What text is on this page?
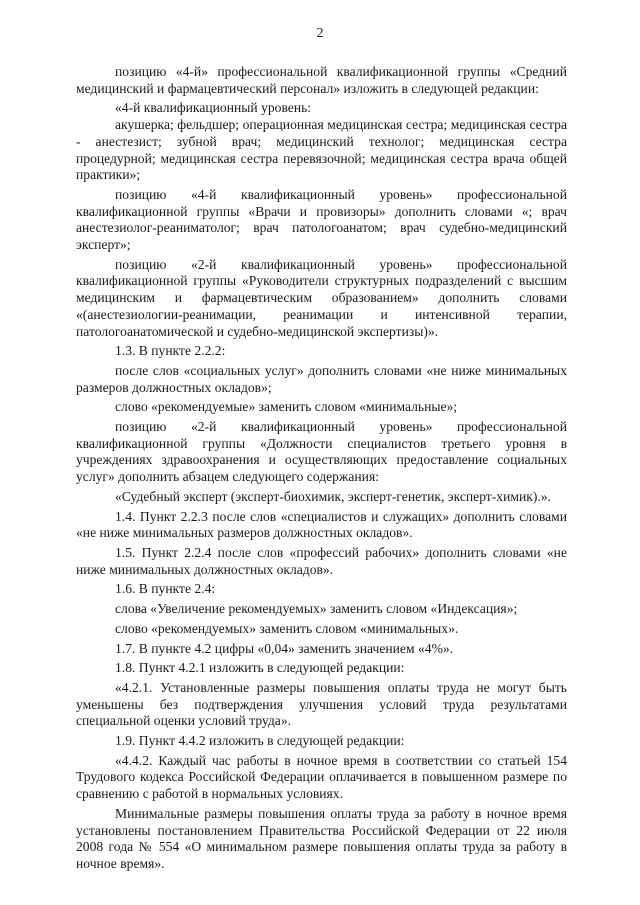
2

позицию «4-й» профессиональной квалификационной группы «Средний медицинский и фармацевтический персонал» изложить в следующей редакции:

«4-й квалификационный уровень:

акушерка; фельдшер; операционная медицинская сестра; медицинская сестра - анестезист; зубной врач; медицинский технолог; медицинская сестра процедурной; медицинская сестра перевязочной; медицинская сестра врача общей практики»;

позицию «4-й квалификационный уровень» профессиональной квалификационной группы «Врачи и провизоры» дополнить словами «; врач анестезиолог-реаниматолог; врач патологоанатом; врач судебно-медицинский эксперт»;

позицию «2-й квалификационный уровень» профессиональной квалификационной группы «Руководители структурных подразделений с высшим медицинским и фармацевтическим образованием» дополнить словами «(анестезиологии-реанимации, реанимации и интенсивной терапии, патологоанатомической и судебно-медицинской экспертизы)».

1.3. В пункте 2.2.2:

после слов «социальных услуг» дополнить словами «не ниже минимальных размеров должностных окладов»;

слово «рекомендуемые» заменить словом «минимальные»;

позицию «2-й квалификационный уровень» профессиональной квалификационной группы «Должности специалистов третьего уровня в учреждениях здравоохранения и осуществляющих предоставление социальных услуг» дополнить абзацем следующего содержания:

«Судебный эксперт (эксперт-биохимик, эксперт-генетик, эксперт-химик).».

1.4. Пункт 2.2.3 после слов «специалистов и служащих» дополнить словами «не ниже минимальных размеров должностных окладов».

1.5. Пункт 2.2.4 после слов «профессий рабочих» дополнить словами «не ниже минимальных должностных окладов».

1.6. В пункте 2.4:

слова «Увеличение рекомендуемых» заменить словом «Индексация»;

слово «рекомендуемых» заменить словом «минимальных».

1.7. В пункте 4.2 цифры «0,04» заменить значением «4%».

1.8. Пункт 4.2.1 изложить в следующей редакции:

«4.2.1. Установленные размеры повышения оплаты труда не могут быть уменьшены без подтверждения улучшения условий труда результатами специальной оценки условий труда».

1.9. Пункт 4.4.2 изложить в следующей редакции:

«4.4.2. Каждый час работы в ночное время в соответствии со статьей 154 Трудового кодекса Российской Федерации оплачивается в повышенном размере по сравнению с работой в нормальных условиях.

Минимальные размеры повышения оплаты труда за работу в ночное время установлены постановлением Правительства Российской Федерации от 22 июля 2008 года № 554 «О минимальном размере повышения оплаты труда за работу в ночное время».
